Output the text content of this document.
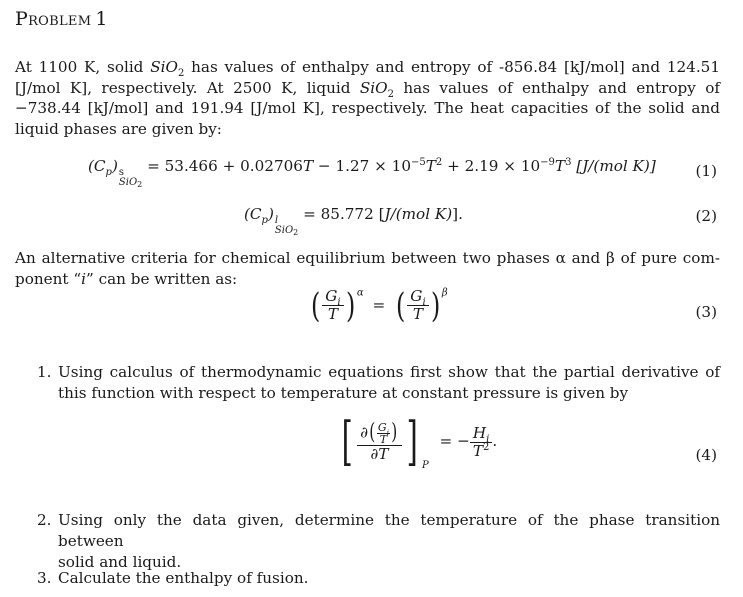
Problem 1
At 1100 K, solid SiO$_2$ has values of enthalpy and entropy of -856.84 [kJ/mol] and 124.51
[J/mol K], respectively. At 2500 K, liquid SiO$_2$ has values of enthalpy and entropy of
−738.44 [kJ/mol] and 191.94 [J/mol K], respectively. The heat capacities of the solid and
liquid phases are given by:
$(C_p)$ s
SiO$_2$
= $53.466 + 0.02706T - 1.27 \times 10^{-5}T^2 + 2.19 \times 10^{-9}T^3$ [J/(mol K)]	(1)
$(C_p)$ l
SiO$_2$
= 85.772 [J/(mol K)].	(2)
An alternative criteria for chemical equilibrium between two phases α and β of pure com-
ponent “i” can be written as:
( $\frac{G_i}{T}$ ) $^\alpha$ = ( $\frac{G_i}{T}$ ) $^\beta$
(3)
1. Using calculus of thermodynamic equations first show that the partial derivative of
this function with respect to temperature at constant pressure is given by
[ $\frac{\partial( \frac{G_i}{T} )}{\partial T}$ ] $_P$ = − $\frac{H_i}{T^2}$ .
(4)
2. Using only the data given, determine the temperature of the phase transition between
solid and liquid.
3. Calculate the enthalpy of fusion.
